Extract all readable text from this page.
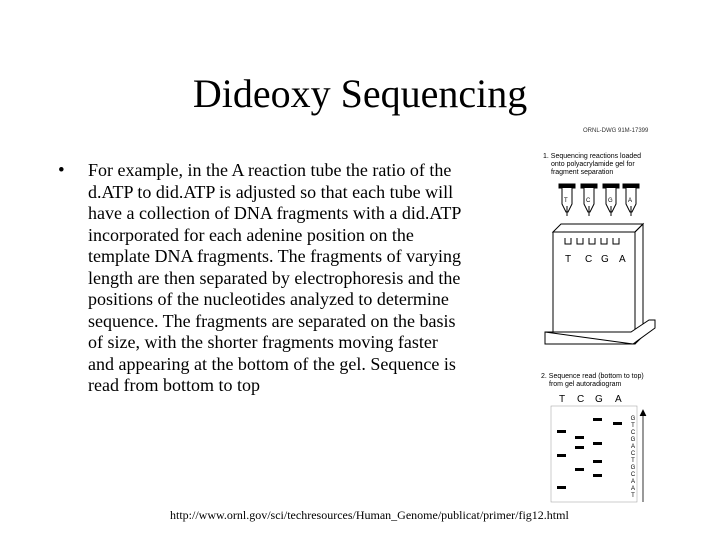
Dideoxy Sequencing
• For example, in the A reaction tube the ratio of the
d.ATP to did.ATP is adjusted so that each tube will
have a collection of DNA fragments with a did.ATP
incorporated for each adenine position on the
template DNA fragments. The fragments of varying
length are then separated by electrophoresis and the
positions of the nucleotides analyzed to determine
sequence. The fragments are separated on the basis
of size, with the shorter fragments moving faster
and appearing at the bottom of the gel. Sequence is
read from bottom to top
ORNL-DWG 91M-17399
1. Sequencing reactions loaded
onto polyacrylamide gel for
fragment separation
T	C	G	A
T C G A
2. Sequence read (bottom to top)
from gel autoradiogram
T C G A
G
T
C
G
A
C
T
G
C
A
A
T
http://www.ornl.gov/sci/techresources/Human_Genome/publicat/primer/fig12.html
